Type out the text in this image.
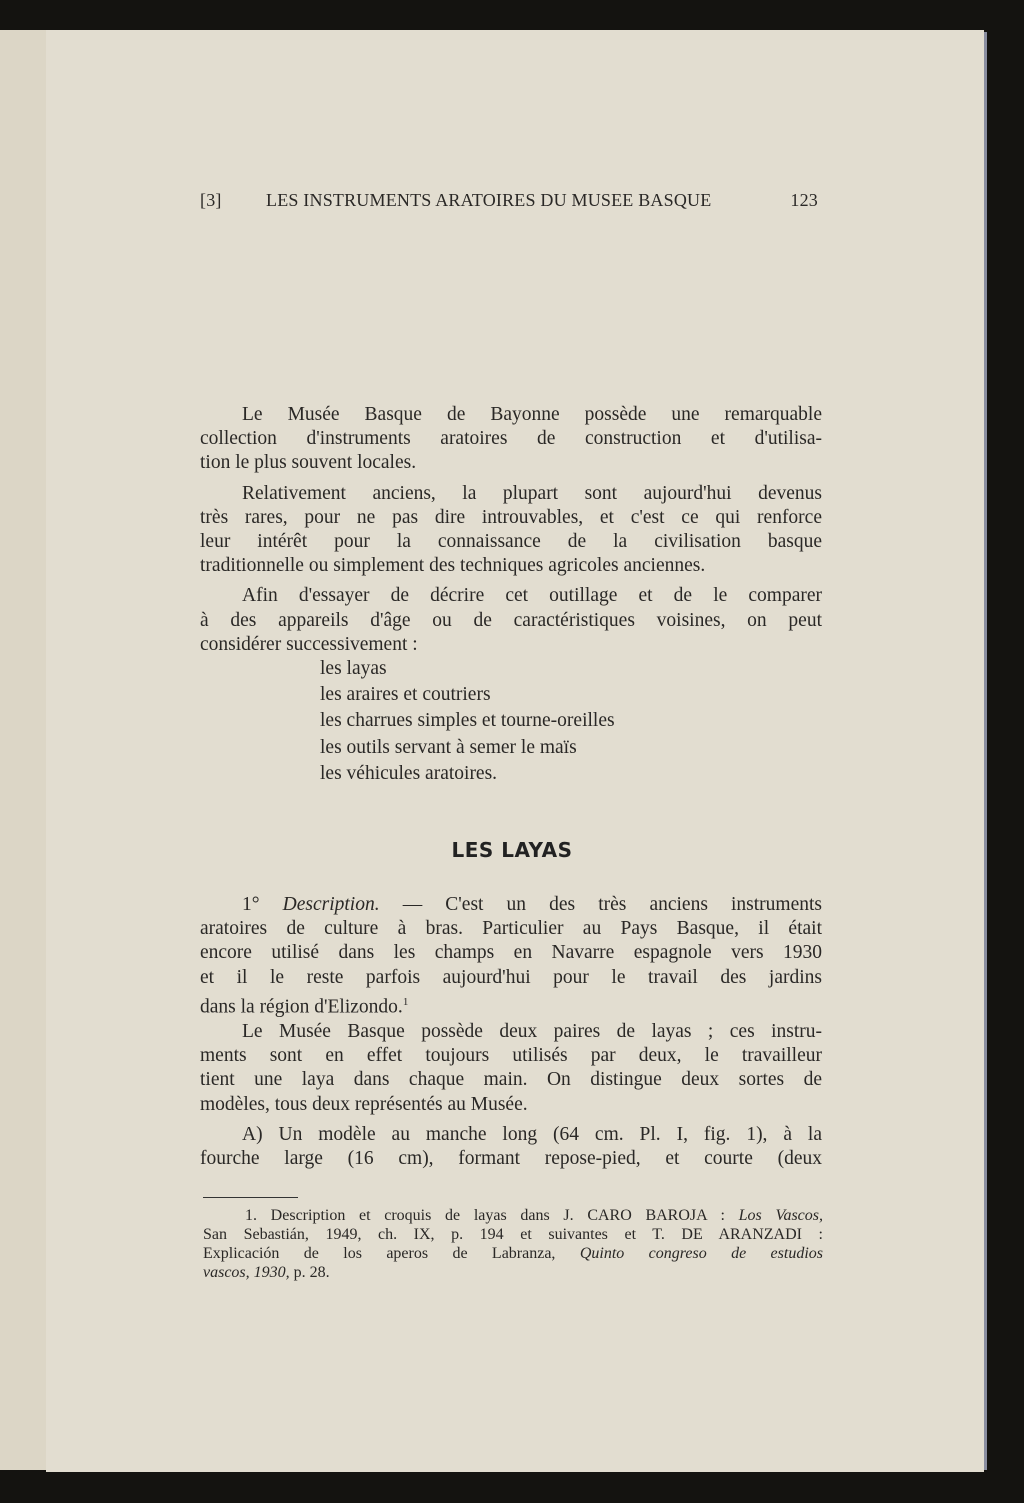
[3] LES INSTRUMENTS ARATOIRES DU MUSEE BASQUE	123
Le Musée Basque de Bayonne possède une remarquable
collection d'instruments aratoires de construction et d'utilisa-
tion le plus souvent locales.
Relativement anciens, la plupart sont aujourd'hui devenus
très rares, pour ne pas dire introuvables, et c'est ce qui renforce
leur intérêt pour la connaissance de la civilisation basque
traditionnelle ou simplement des techniques agricoles anciennes.
Afin d'essayer de décrire cet outillage et de le comparer
à des appareils d'âge ou de caractéristiques voisines, on peut
considérer successivement :
les layas
les araires et coutriers
les charrues simples et tourne-oreilles
les outils servant à semer le maïs
les véhicules aratoires.
LES LAYAS
1° Description. — C'est un des très anciens instruments
aratoires de culture à bras. Particulier au Pays Basque, il était
encore utilisé dans les champs en Navarre espagnole vers 1930
et il le reste parfois aujourd'hui pour le travail des jardins
dans la région d'Elizondo.$^1$
Le Musée Basque possède deux paires de layas ; ces instru-
ments sont en effet toujours utilisés par deux, le travailleur
tient une laya dans chaque main. On distingue deux sortes de
modèles, tous deux représentés au Musée.
A) Un modèle au manche long (64 cm. Pl. I, fig. 1), à la
fourche large (16 cm), formant repose-pied, et courte (deux
1. Description et croquis de layas dans J. CARO BAROJA : Los Vascos,
San Sebastián, 1949, ch. IX, p. 194 et suivantes et T. DE ARANZADI :
Explicación de los aperos de Labranza, Quinto congreso de estudios
vascos, 1930, p. 28.
